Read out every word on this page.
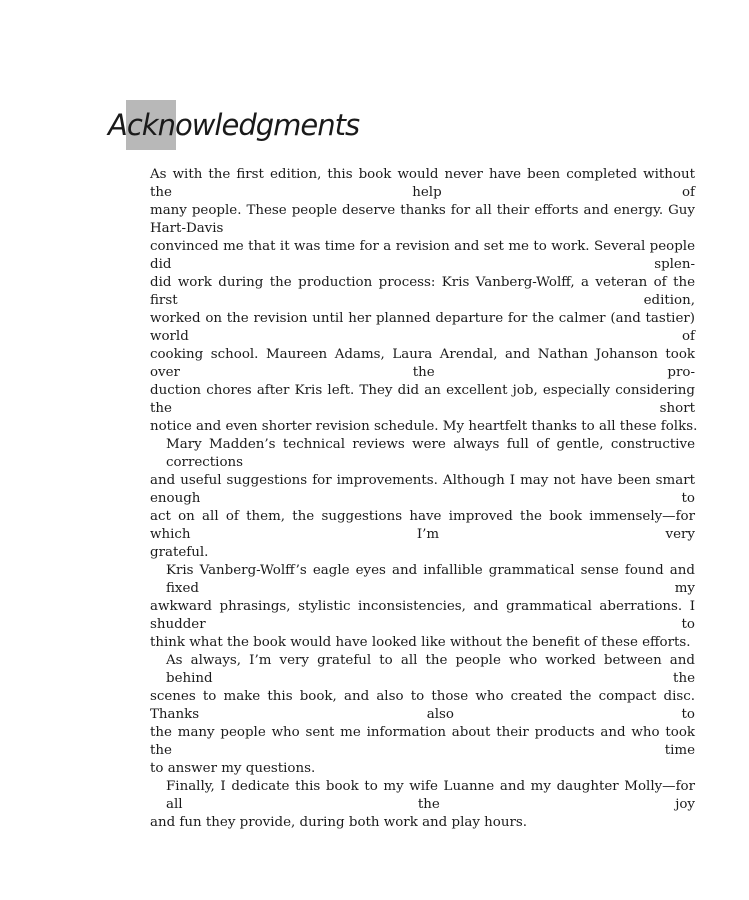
Acknowledgments

As with the first edition, this book would never have been completed without the help of
many people. These people deserve thanks for all their efforts and energy. Guy Hart-Davis
convinced me that it was time for a revision and set me to work. Several people did splen-
did work during the production process: Kris Vanberg-Wolff, a veteran of the first edition,
worked on the revision until her planned departure for the calmer (and tastier) world of
cooking school. Maureen Adams, Laura Arendal, and Nathan Johanson took over the pro-
duction chores after Kris left. They did an excellent job, especially considering the short
notice and even shorter revision schedule. My heartfelt thanks to all these folks.

Mary Madden’s technical reviews were always full of gentle, constructive corrections
and useful suggestions for improvements. Although I may not have been smart enough to
act on all of them, the suggestions have improved the book immensely—for which I’m very
grateful.

Kris Vanberg-Wolff’s eagle eyes and infallible grammatical sense found and fixed my
awkward phrasings, stylistic inconsistencies, and grammatical aberrations. I shudder to
think what the book would have looked like without the benefit of these efforts.

As always, I’m very grateful to all the people who worked between and behind the
scenes to make this book, and also to those who created the compact disc. Thanks also to
the many people who sent me information about their products and who took the time
to answer my questions.

Finally, I dedicate this book to my wife Luanne and my daughter Molly—for all the joy
and fun they provide, during both work and play hours.
